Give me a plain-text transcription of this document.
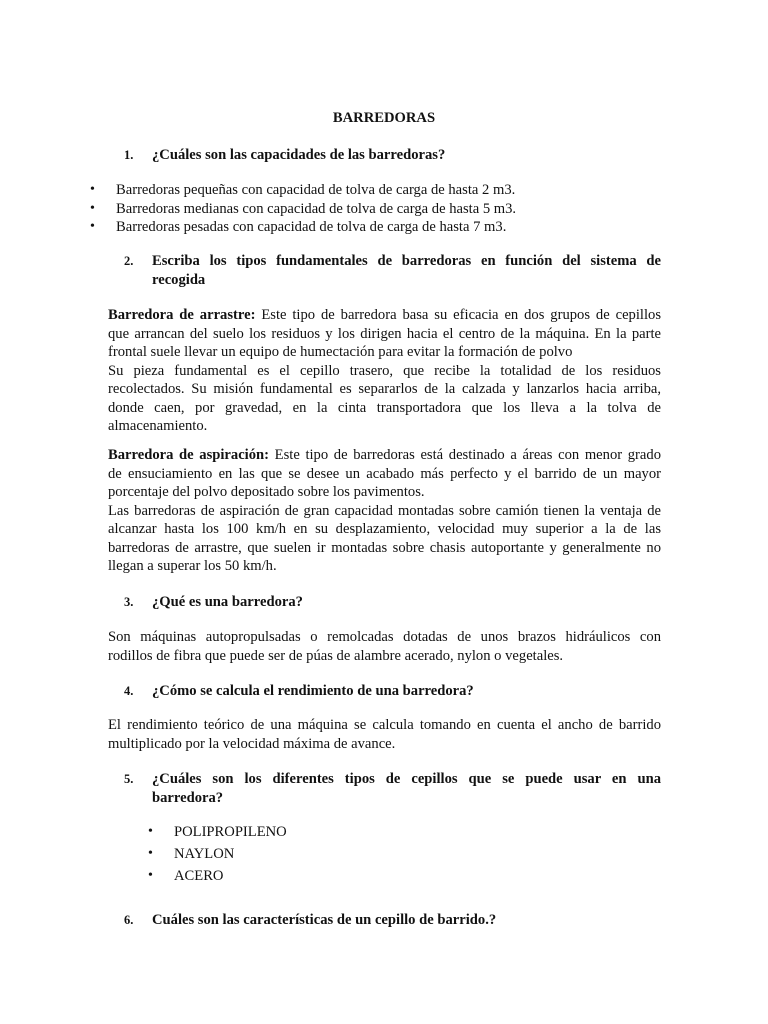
BARREDORAS
1.	¿Cuáles son las capacidades de las barredoras?
• Barredoras pequeñas con capacidad de tolva de carga de hasta 2 m3.
• Barredoras medianas con capacidad de tolva de carga de hasta 5 m3.
• Barredoras pesadas con capacidad de tolva de carga de hasta 7 m3.
2.	Escriba los tipos fundamentales de barredoras en función del sistema de
recogida
Barredora de arrastre: Este tipo de barredora basa su eficacia en dos grupos de cepillos
que arrancan del suelo los residuos y los dirigen hacia el centro de la máquina. En la parte
frontal suele llevar un equipo de humectación para evitar la formación de polvo
Su pieza fundamental es el cepillo trasero, que recibe la totalidad de los residuos
recolectados. Su misión fundamental es separarlos de la calzada y lanzarlos hacia arriba,
donde caen, por gravedad, en la cinta transportadora que los lleva a la tolva de
almacenamiento.
Barredora de aspiración: Este tipo de barredoras está destinado a áreas con menor grado
de ensuciamiento en las que se desee un acabado más perfecto y el barrido de un mayor
porcentaje del polvo depositado sobre los pavimentos.
Las barredoras de aspiración de gran capacidad montadas sobre camión tienen la ventaja de
alcanzar hasta los 100 km/h en su desplazamiento, velocidad muy superior a la de las
barredoras de arrastre, que suelen ir montadas sobre chasis autoportante y generalmente no
llegan a superar los 50 km/h.
3.	¿Qué es una barredora?
Son máquinas autopropulsadas o remolcadas dotadas de unos brazos hidráulicos con
rodillos de fibra que puede ser de púas de alambre acerado, nylon o vegetales.
4.	¿Cómo se calcula el rendimiento de una barredora?
El rendimiento teórico de una máquina se calcula tomando en cuenta el ancho de barrido
multiplicado por la velocidad máxima de avance.
5.	¿Cuáles son los diferentes tipos de cepillos que se puede usar en una
barredora?
• POLIPROPILENO
• NAYLON
• ACERO
6.	Cuáles son las características de un cepillo de barrido.?
